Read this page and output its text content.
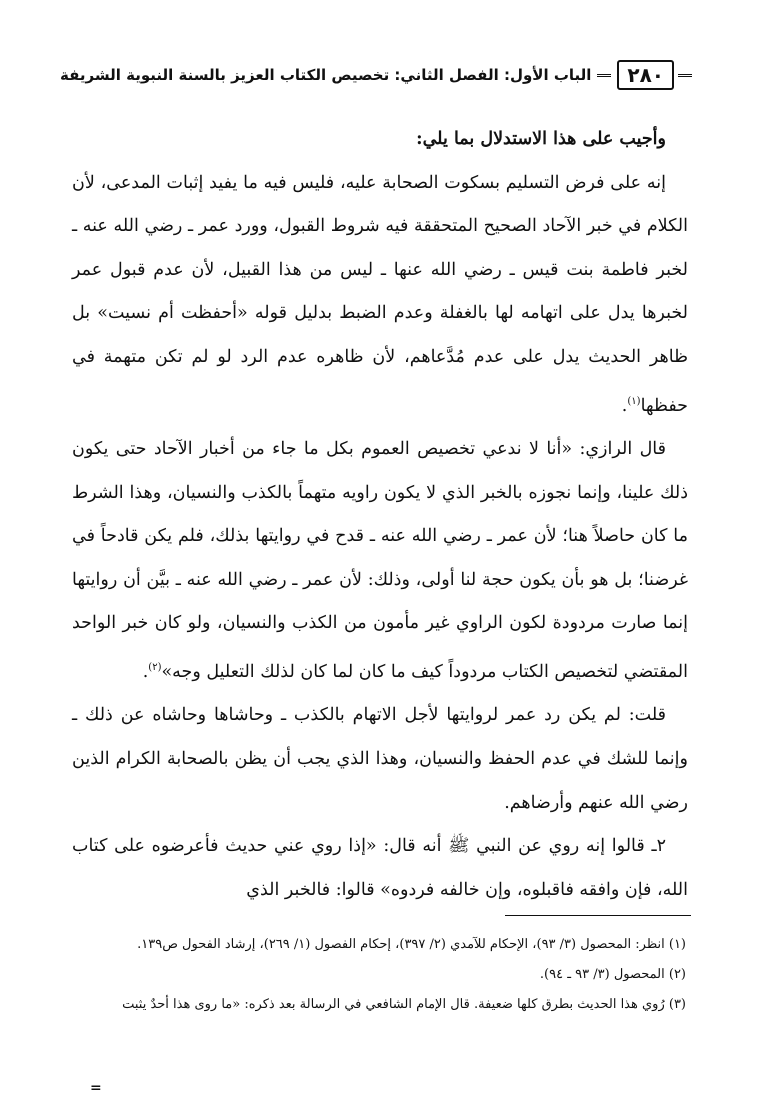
٢٨٠
الباب الأول: الفصل الثاني: تخصيص الكتاب العزيز بالسنة النبوية الشريفة

وأجيب على هذا الاستدلال بما يلي:

إنه على فرض التسليم بسكوت الصحابة عليه، فليس فيه ما يفيد إثبات المدعى، لأن الكلام في خبر الآحاد الصحيح المتحققة فيه شروط القبول، وورد عمر ـ رضي الله عنه ـ لخبر فاطمة بنت قيس ـ رضي الله عنها ـ ليس من هذا القبيل، لأن عدم قبول عمر لخبرها يدل على اتهامه لها بالغفلة وعدم الضبط بدليل قوله «أحفظت أم نسيت» بل ظاهر الحديث يدل على عدم مُدَّعاهم، لأن ظاهره عدم الرد لو لم تكن متهمة في حفظها$^{(١)}$.

قال الرازي: «أنا لا ندعي تخصيص العموم بكل ما جاء من أخبار الآحاد حتى يكون ذلك علينا، وإنما نجوزه بالخبر الذي لا يكون راويه متهماً بالكذب والنسيان، وهذا الشرط ما كان حاصلاً هنا؛ لأن عمر ـ رضي الله عنه ـ قدح في روايتها بذلك، فلم يكن قادحاً في غرضنا؛ بل هو بأن يكون حجة لنا أولى، وذلك: لأن عمر ـ رضي الله عنه ـ بيَّن أن روايتها إنما صارت مردودة لكون الراوي غير مأمون من الكذب والنسيان، ولو كان خبر الواحد المقتضي لتخصيص الكتاب مردوداً كيف ما كان لما كان لذلك التعليل وجه»$^{(٢)}$.

قلت: لم يكن رد عمر لروايتها لأجل الاتهام بالكذب ـ وحاشاها وحاشاه عن ذلك ـ وإنما للشك في عدم الحفظ والنسيان، وهذا الذي يجب أن يظن بالصحابة الكرام الذين رضي الله عنهم وأرضاهم.

٢ـ قالوا إنه روي عن النبي ﷺ أنه قال: «إذا روي عني حديث فأعرضوه على كتاب الله، فإن وافقه فاقبلوه، وإن خالفه فردوه» قالوا: فالخبر الذي

(١) انظر: المحصول (٣/ ٩٣)، الإحكام للآمدي (٢/ ٣٩٧)، إحكام الفصول (١/ ٢٦٩)، إرشاد الفحول ص١٣٩.

(٢) المحصول (٣/ ٩٣ ـ ٩٤).

(٣) رُوي هذا الحديث بطرق كلها ضعيفة. قال الإمام الشافعي في الرسالة بعد ذكره: «ما روى هذا أحدٌ يثبت

=
